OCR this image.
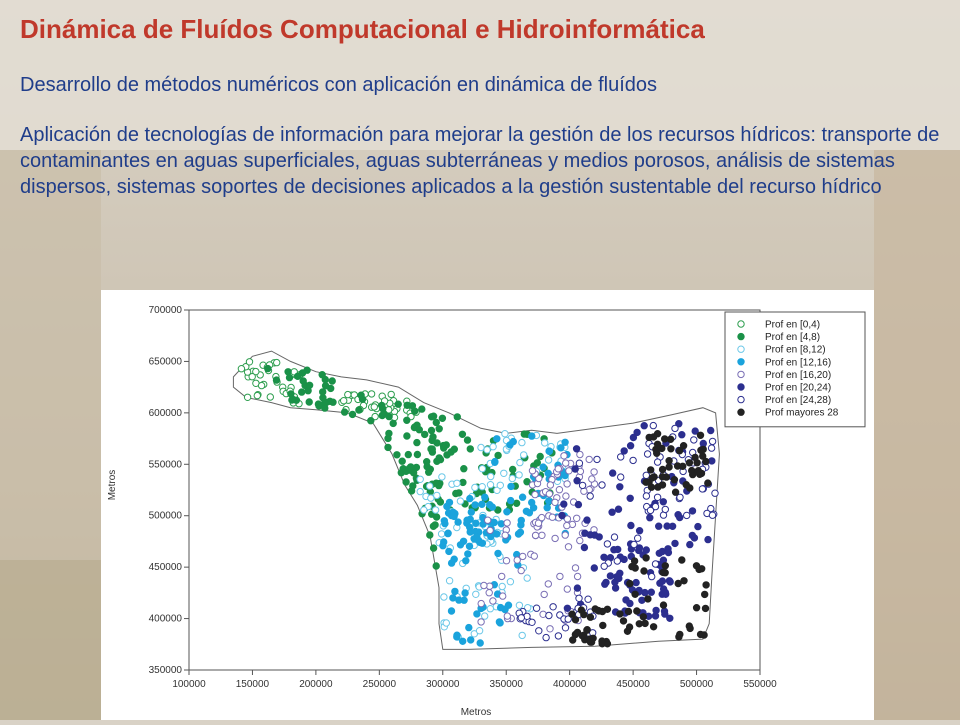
Dinámica de Fluídos Computacional e Hidroinformática
Desarrollo de métodos numéricos con aplicación en dinámica de fluídos
Aplicación de tecnologías de información para mejorar la gestión de los recursos hídricos: transporte de contaminantes en aguas superficiales, aguas subterráneas y medios porosos, análisis de sistemas dispersos, sistemas soportes de decisiones aplicados a la gestión sustentable del recurso hídrico
100000	150000	200000	250000	300000	350000	400000	450000	500000	550000
350000
400000
450000
500000
550000
600000
650000
700000
Prof en [0,4)
Prof en [4,8)
Prof en [8,12)
Prof en [12,16)
Prof en [16,20)
Prof en [20,24)
Prof en [24,28)
Prof mayores 28
Metros
Metros
